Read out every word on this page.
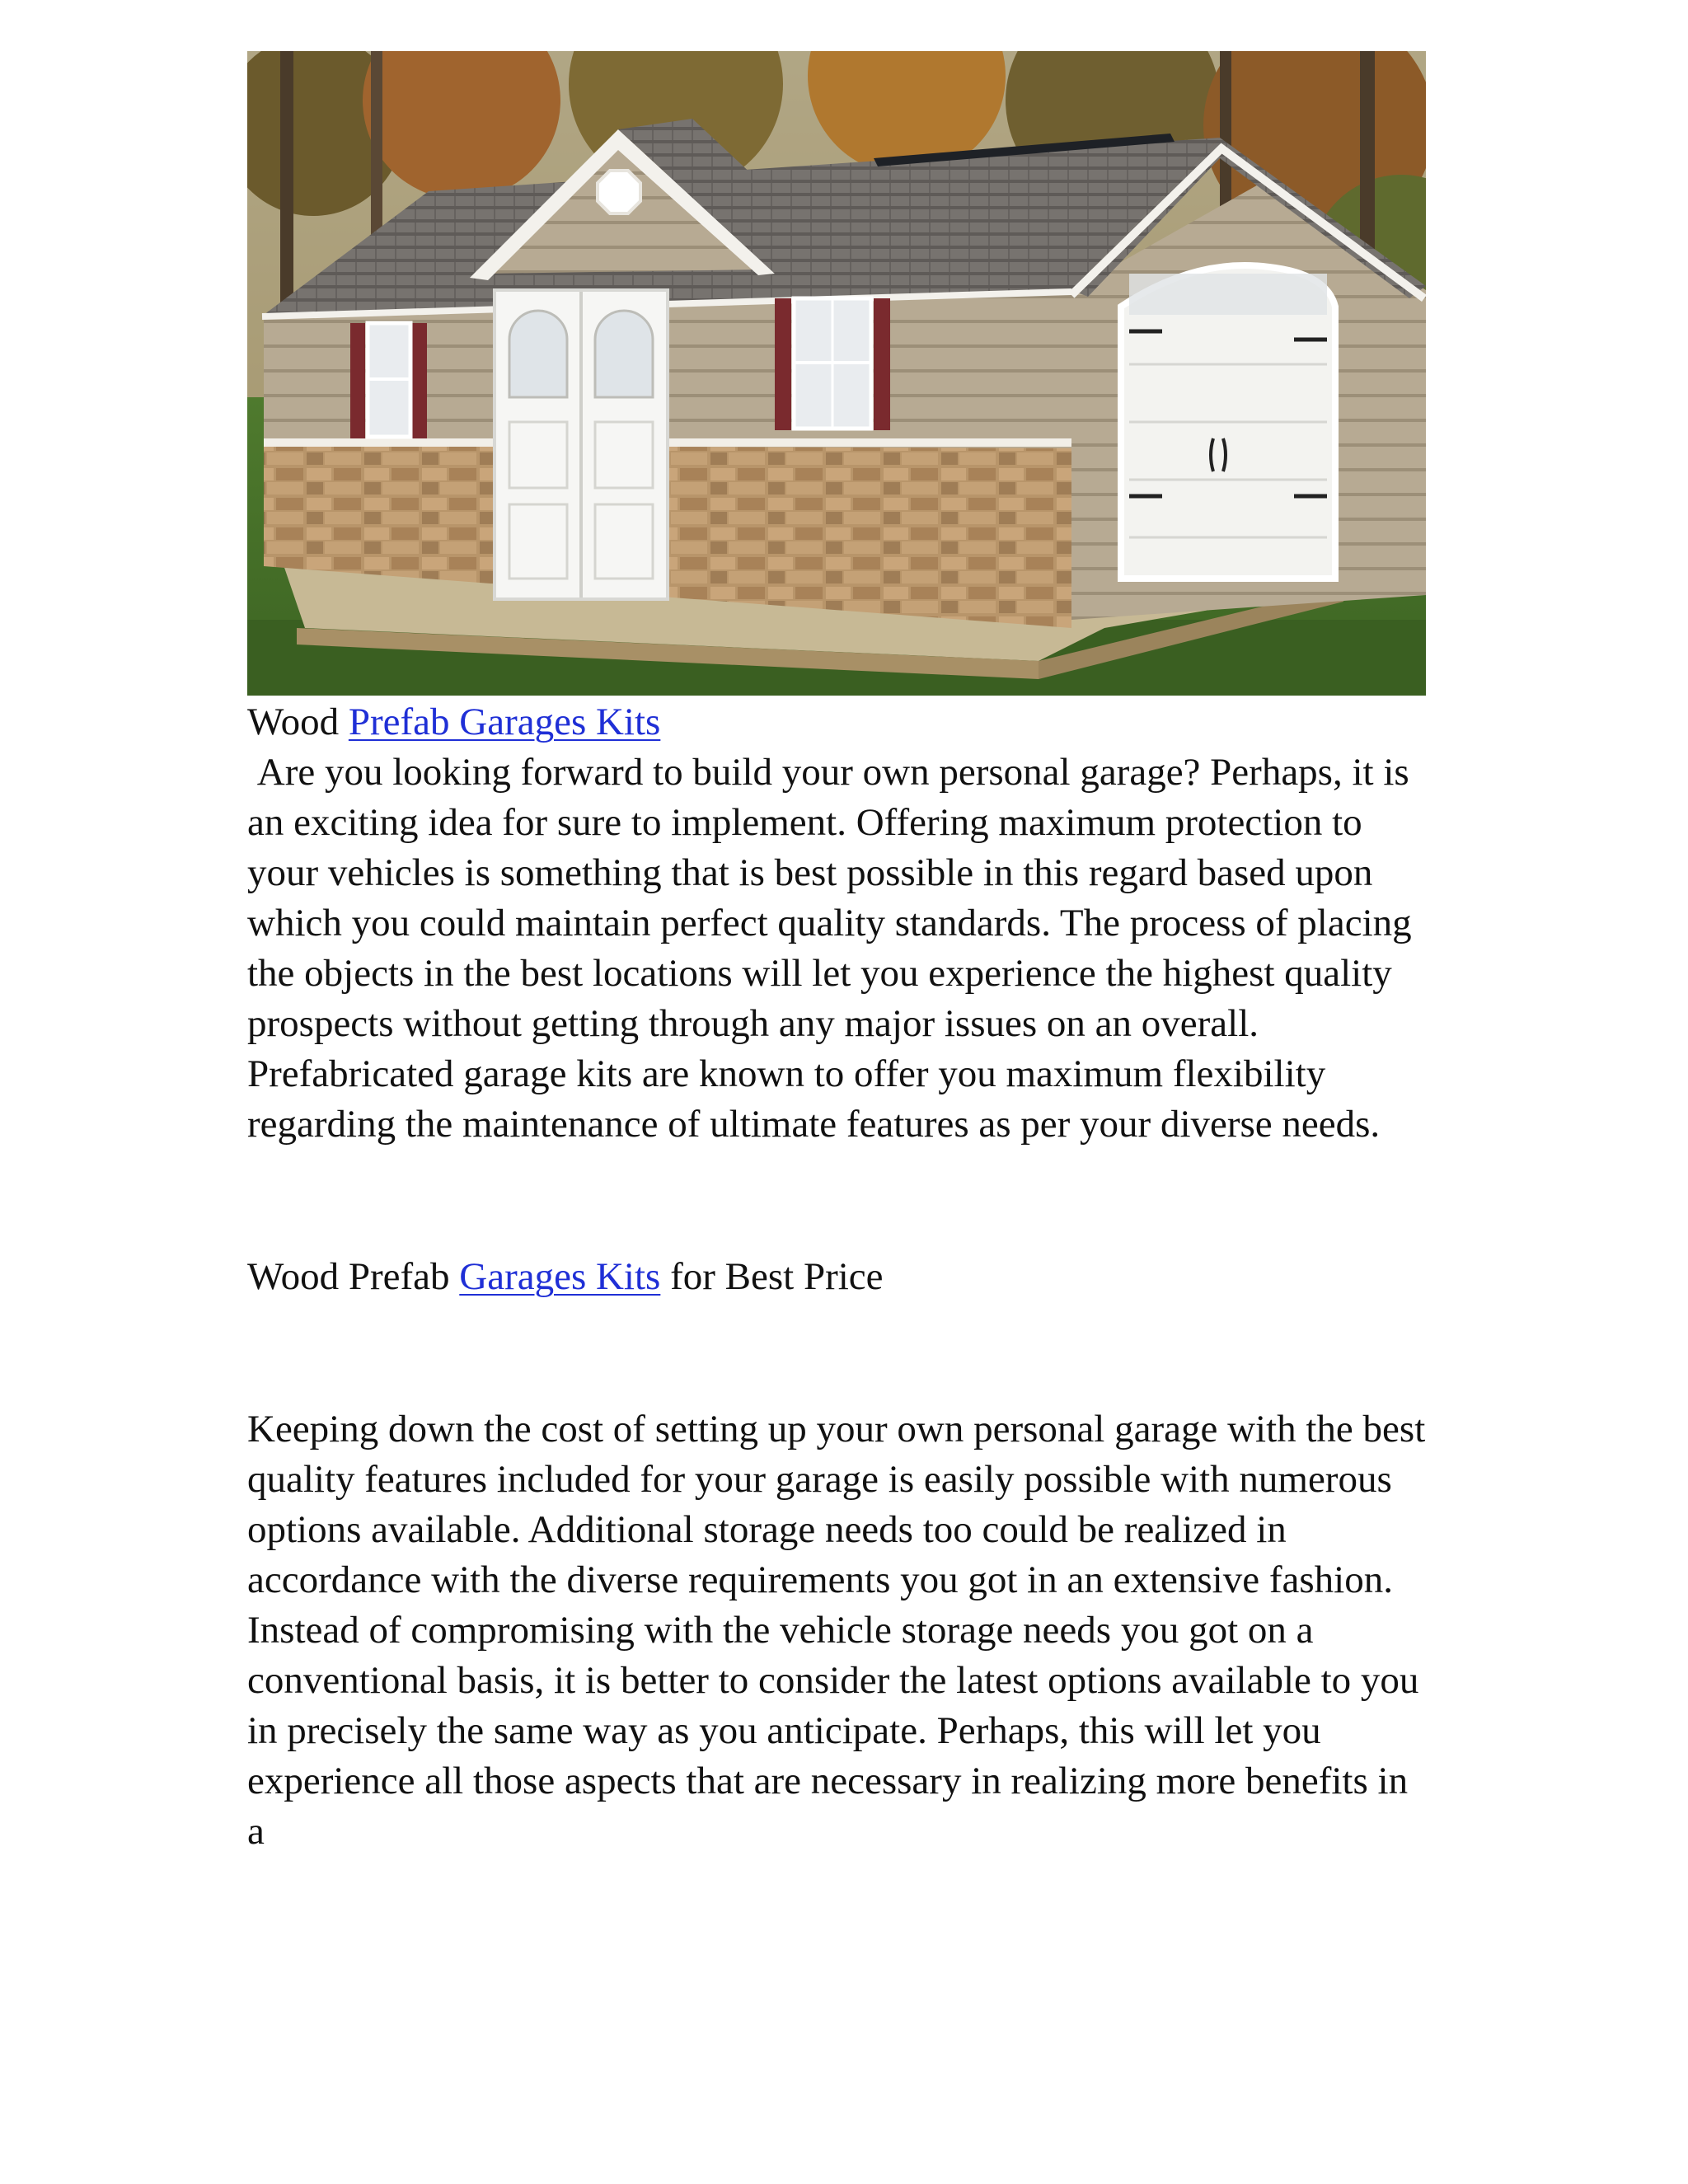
Wood Prefab Garages Kits

Are you looking forward to build your own personal garage? Perhaps, it is an exciting idea for sure to implement. Offering maximum protection to your vehicles is something that is best possible in this regard based upon which you could maintain perfect quality standards. The process of placing the objects in the best locations will let you experience the highest quality prospects without getting through any major issues on an overall. Prefabricated garage kits are known to offer you maximum flexibility regarding the maintenance of ultimate features as per your diverse needs.

Wood Prefab Garages Kits for Best Price

Keeping down the cost of setting up your own personal garage with the best quality features included for your garage is easily possible with numerous options available. Additional storage needs too could be realized in accordance with the diverse requirements you got in an extensive fashion. Instead of compromising with the vehicle storage needs you got on a conventional basis, it is better to consider the latest options available to you in precisely the same way as you anticipate. Perhaps, this will let you experience all those aspects that are necessary in realizing more benefits in a
